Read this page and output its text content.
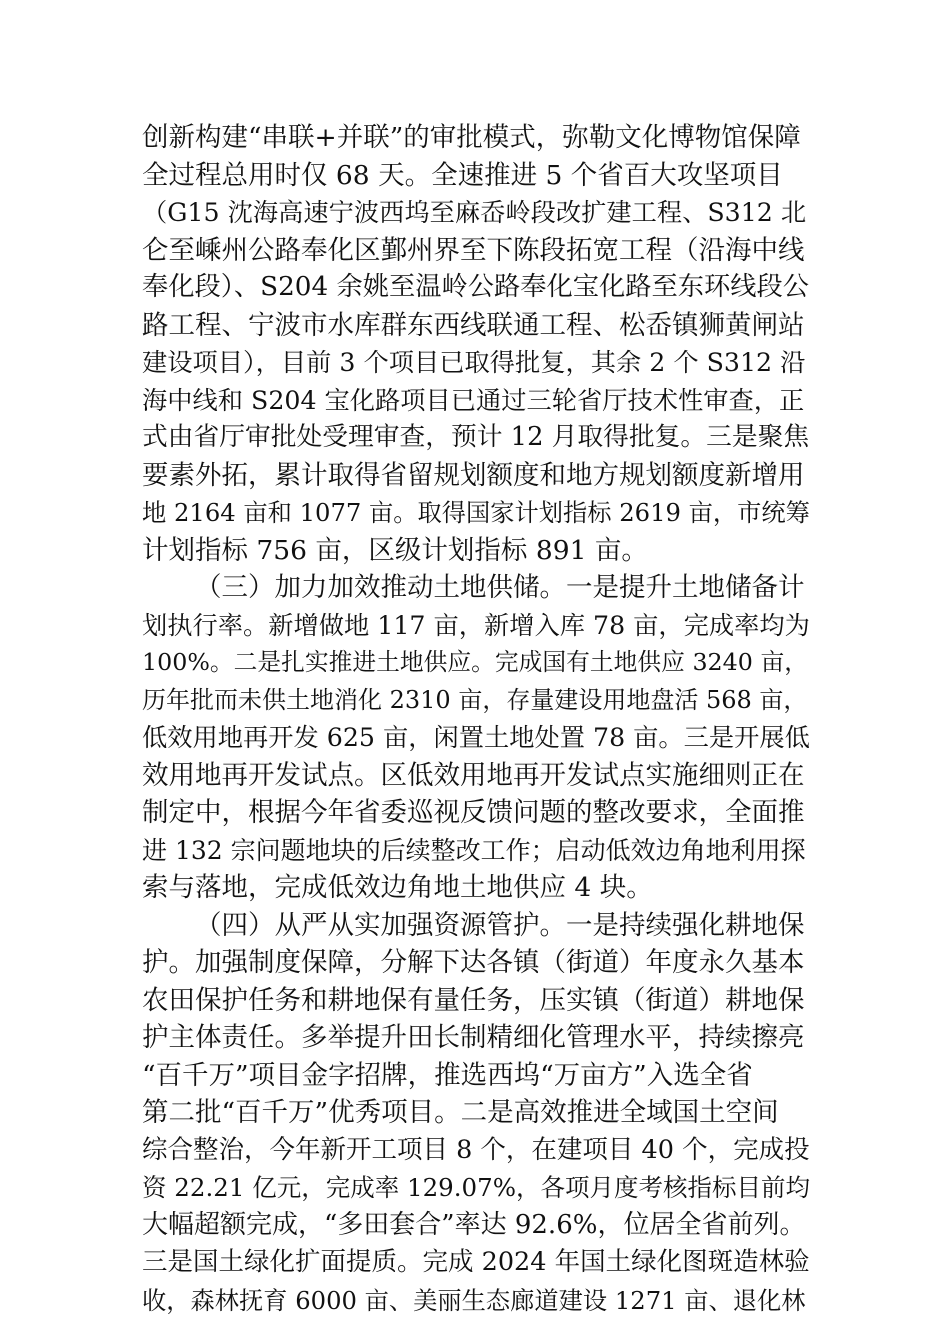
创新构建“串联+并联”的审批模式，弥勒文化博物馆保障
全过程总用时仅 68 天。全速推进 5 个省百大攻坚项目
（G15 沈海高速宁波西坞至麻岙岭段改扩建工程、S312 北
仑至嵊州公路奉化区鄞州界至下陈段拓宽工程（沿海中线
奉化段）、S204 余姚至温岭公路奉化宝化路至东环线段公
路工程、宁波市水库群东西线联通工程、松岙镇狮黄闸站
建设项目），目前 3 个项目已取得批复，其余 2 个 S312 沿
海中线和 S204 宝化路项目已通过三轮省厅技术性审查，正
式由省厅审批处受理审查，预计 12 月取得批复。三是聚焦
要素外拓，累计取得省留规划额度和地方规划额度新增用
地 2164 亩和 1077 亩。取得国家计划指标 2619 亩，市统筹
计划指标 756 亩，区级计划指标 891 亩。
（三）加力加效推动土地供储。一是提升土地储备计
划执行率。新增做地 117 亩，新增入库 78 亩，完成率均为
100%。二是扎实推进土地供应。完成国有土地供应 3240 亩，
历年批而未供土地消化 2310 亩，存量建设用地盘活 568 亩，
低效用地再开发 625 亩，闲置土地处置 78 亩。三是开展低
效用地再开发试点。区低效用地再开发试点实施细则正在
制定中，根据今年省委巡视反馈问题的整改要求，全面推
进 132 宗问题地块的后续整改工作；启动低效边角地利用探
索与落地，完成低效边角地土地供应 4 块。
（四）从严从实加强资源管护。一是持续强化耕地保
护。加强制度保障，分解下达各镇（街道）年度永久基本
农田保护任务和耕地保有量任务，压实镇（街道）耕地保
护主体责任。多举提升田长制精细化管理水平，持续擦亮
“百千万”项目金字招牌，推选西坞“万亩方”入选全省
第二批“百千万”优秀项目。二是高效推进全域国土空间
综合整治，今年新开工项目 8 个，在建项目 40 个，完成投
资 22.21 亿元，完成率 129.07%，各项月度考核指标目前均
大幅超额完成，“多田套合”率达 92.6%，位居全省前列。
三是国土绿化扩面提质。完成 2024 年国土绿化图斑造林验
收，森林抚育 6000 亩、美丽生态廊道建设 1271 亩、退化林
